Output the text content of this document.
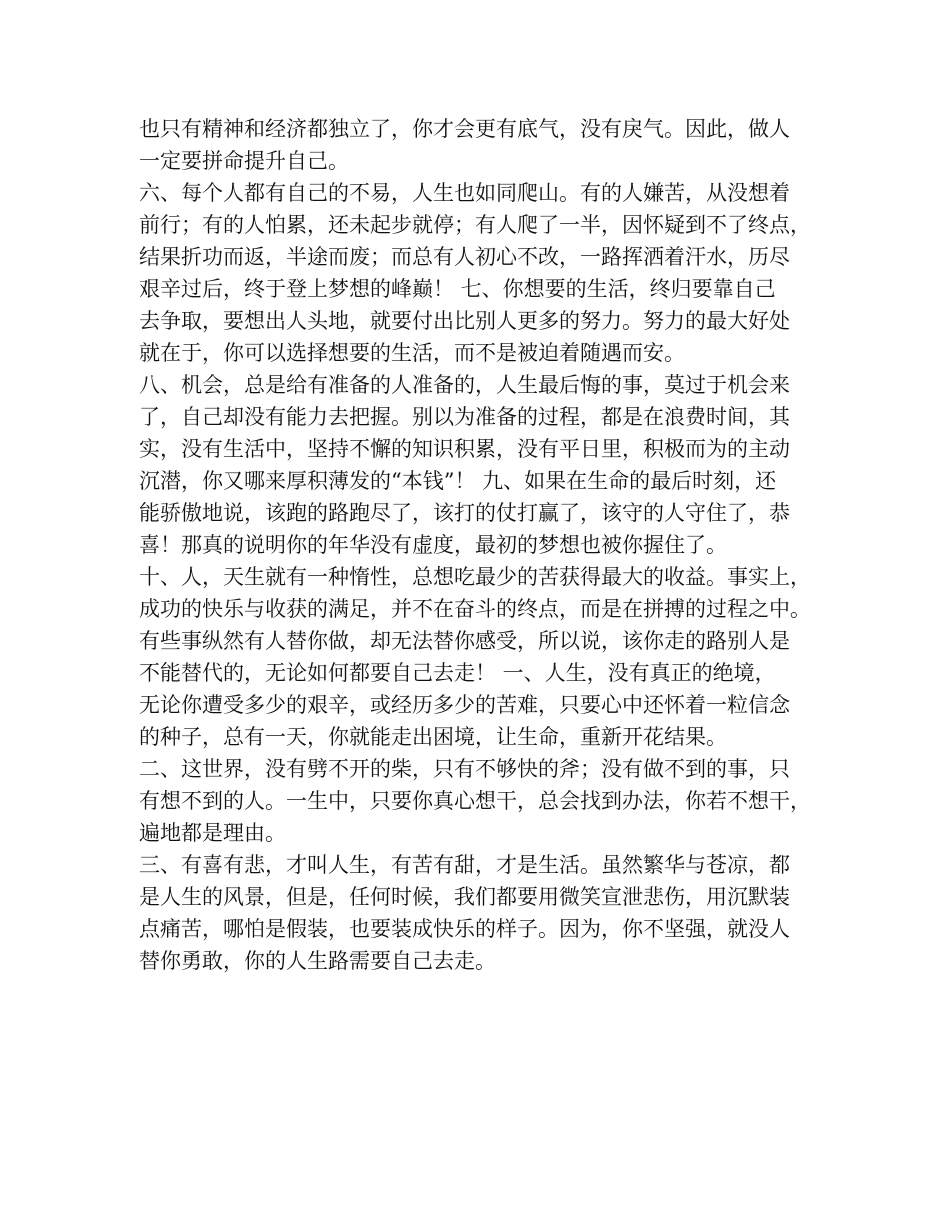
也只有精神和经济都独立了，你才会更有底气，没有戾气。因此，做人
一定要拼命提升自己。
六、每个人都有自己的不易，人生也如同爬山。有的人嫌苦，从没想着
前行；有的人怕累，还未起步就停；有人爬了一半，因怀疑到不了终点，
结果折功而返，半途而废；而总有人初心不改，一路挥洒着汗水，历尽
艰辛过后，终于登上梦想的峰巅！ 七、你想要的生活，终归要靠自己
去争取，要想出人头地，就要付出比别人更多的努力。努力的最大好处
就在于，你可以选择想要的生活，而不是被迫着随遇而安。
八、机会，总是给有准备的人准备的，人生最后悔的事，莫过于机会来
了，自己却没有能力去把握。别以为准备的过程，都是在浪费时间，其
实，没有生活中，坚持不懈的知识积累，没有平日里，积极而为的主动
沉潜，你又哪来厚积薄发的“本钱”！ 九、如果在生命的最后时刻，还
能骄傲地说，该跑的路跑尽了，该打的仗打赢了，该守的人守住了，恭
喜！那真的说明你的年华没有虚度，最初的梦想也被你握住了。
十、人，天生就有一种惰性，总想吃最少的苦获得最大的收益。事实上，
成功的快乐与收获的满足，并不在奋斗的终点，而是在拼搏的过程之中。
有些事纵然有人替你做，却无法替你感受，所以说，该你走的路别人是
不能替代的，无论如何都要自己去走！ 一、人生，没有真正的绝境，
无论你遭受多少的艰辛，或经历多少的苦难，只要心中还怀着一粒信念
的种子，总有一天，你就能走出困境，让生命，重新开花结果。
二、这世界，没有劈不开的柴，只有不够快的斧；没有做不到的事，只
有想不到的人。一生中，只要你真心想干，总会找到办法，你若不想干，
遍地都是理由。
三、有喜有悲，才叫人生，有苦有甜，才是生活。虽然繁华与苍凉，都
是人生的风景，但是，任何时候，我们都要用微笑宣泄悲伤，用沉默装
点痛苦，哪怕是假装，也要装成快乐的样子。因为，你不坚强，就没人
替你勇敢，你的人生路需要自己去走。
